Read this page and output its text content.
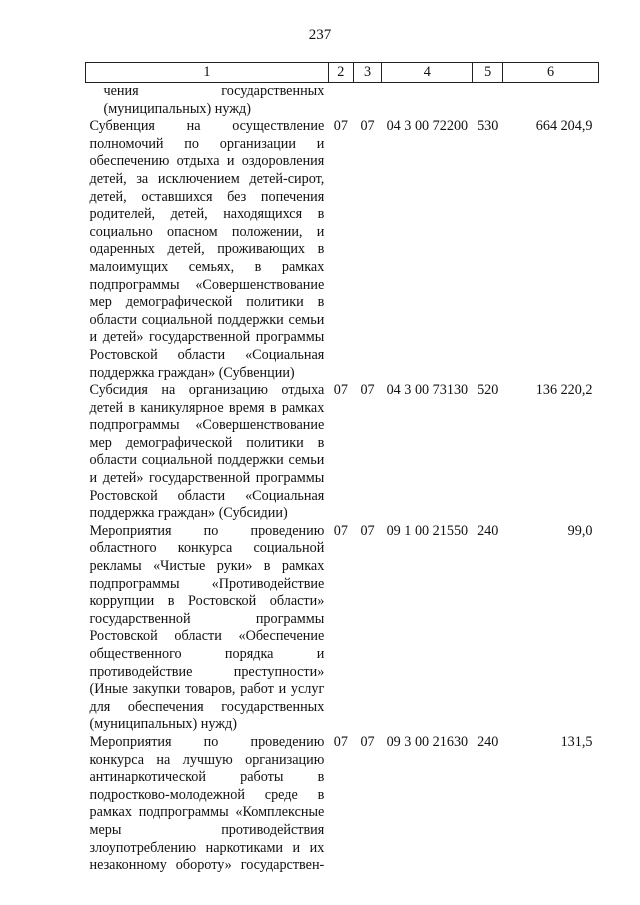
237
1	2	3	4	5	6
чения государственных (муниципальных) нужд)					
Субвенция на осуществление полномочий по организации и обеспечению отдыха и оздоровления детей, за исключением детей-сирот, детей, оставшихся без попечения родителей, детей, находящихся в социально опасном положении, и одаренных детей, проживающих в малоимущих семьях, в рамках подпрограммы «Совершенствование мер демографической политики в области социальной поддержки семьи и детей» государственной программы Ростовской области «Социальная поддержка граждан» (Субвенции)	07	07	04 3 00 72200	530	664 204,9
Субсидия на организацию отдыха детей в каникулярное время в рамках подпрограммы «Совершенствование мер демографической политики в области социальной поддержки семьи и детей» государственной программы Ростовской области «Социальная поддержка граждан» (Субсидии)	07	07	04 3 00 73130	520	136 220,2
Мероприятия по проведению областного конкурса социальной рекламы «Чистые руки» в рамках подпрограммы «Противодействие коррупции в Ростовской области» государственной программы Ростовской области «Обеспечение общественного порядка и противодействие преступности» (Иные закупки товаров, работ и услуг для обеспечения государственных (муниципальных) нужд)	07	07	09 1 00 21550	240	99,0
Мероприятия по проведению конкурса на лучшую организацию антинаркотической работы в подростково-молодежной среде в рамках подпрограммы «Комплексные меры противодействия злоупотреблению наркотиками и их незаконному обороту» государствен-	07	07	09 3 00 21630	240	131,5
